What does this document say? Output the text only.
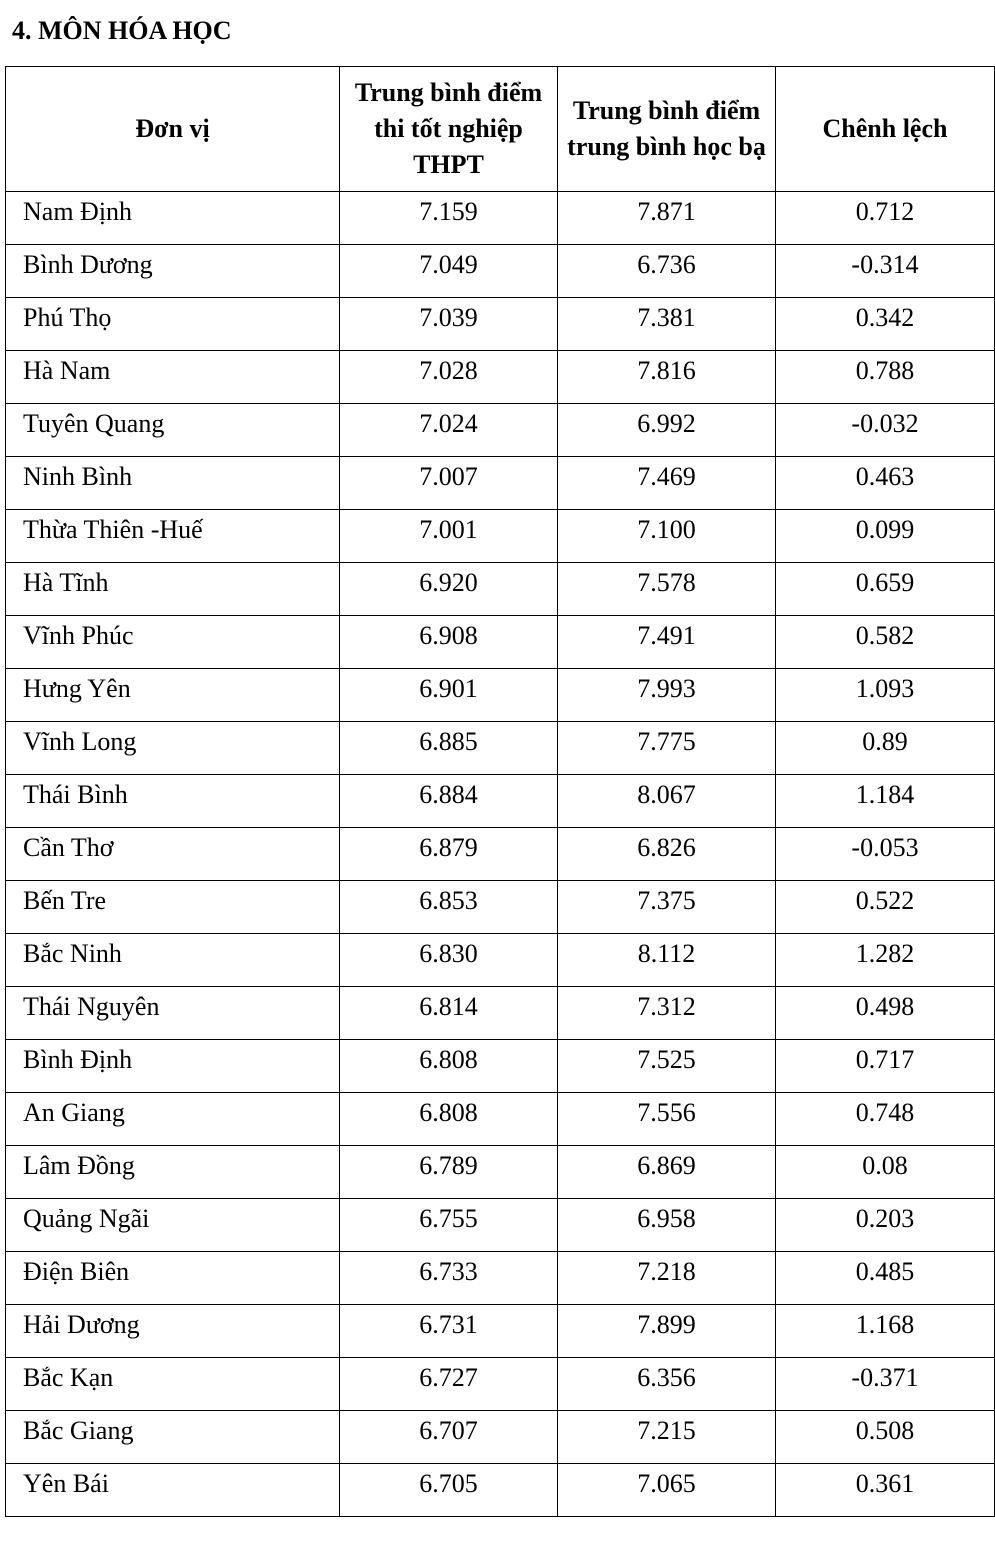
4. MÔN HÓA HỌC
Đơn vị	Trung bình điểm thi tốt nghiệp THPT	Trung bình điểm trung bình học bạ	Chênh lệch
Nam Định	7.159	7.871	0.712
Bình Dương	7.049	6.736	-0.314
Phú Thọ	7.039	7.381	0.342
Hà Nam	7.028	7.816	0.788
Tuyên Quang	7.024	6.992	-0.032
Ninh Bình	7.007	7.469	0.463
Thừa Thiên -Huế	7.001	7.100	0.099
Hà Tĩnh	6.920	7.578	0.659
Vĩnh Phúc	6.908	7.491	0.582
Hưng Yên	6.901	7.993	1.093
Vĩnh Long	6.885	7.775	0.89
Thái Bình	6.884	8.067	1.184
Cần Thơ	6.879	6.826	-0.053
Bến Tre	6.853	7.375	0.522
Bắc Ninh	6.830	8.112	1.282
Thái Nguyên	6.814	7.312	0.498
Bình Định	6.808	7.525	0.717
An Giang	6.808	7.556	0.748
Lâm Đồng	6.789	6.869	0.08
Quảng Ngãi	6.755	6.958	0.203
Điện Biên	6.733	7.218	0.485
Hải Dương	6.731	7.899	1.168
Bắc Kạn	6.727	6.356	-0.371
Bắc Giang	6.707	7.215	0.508
Yên Bái	6.705	7.065	0.361
